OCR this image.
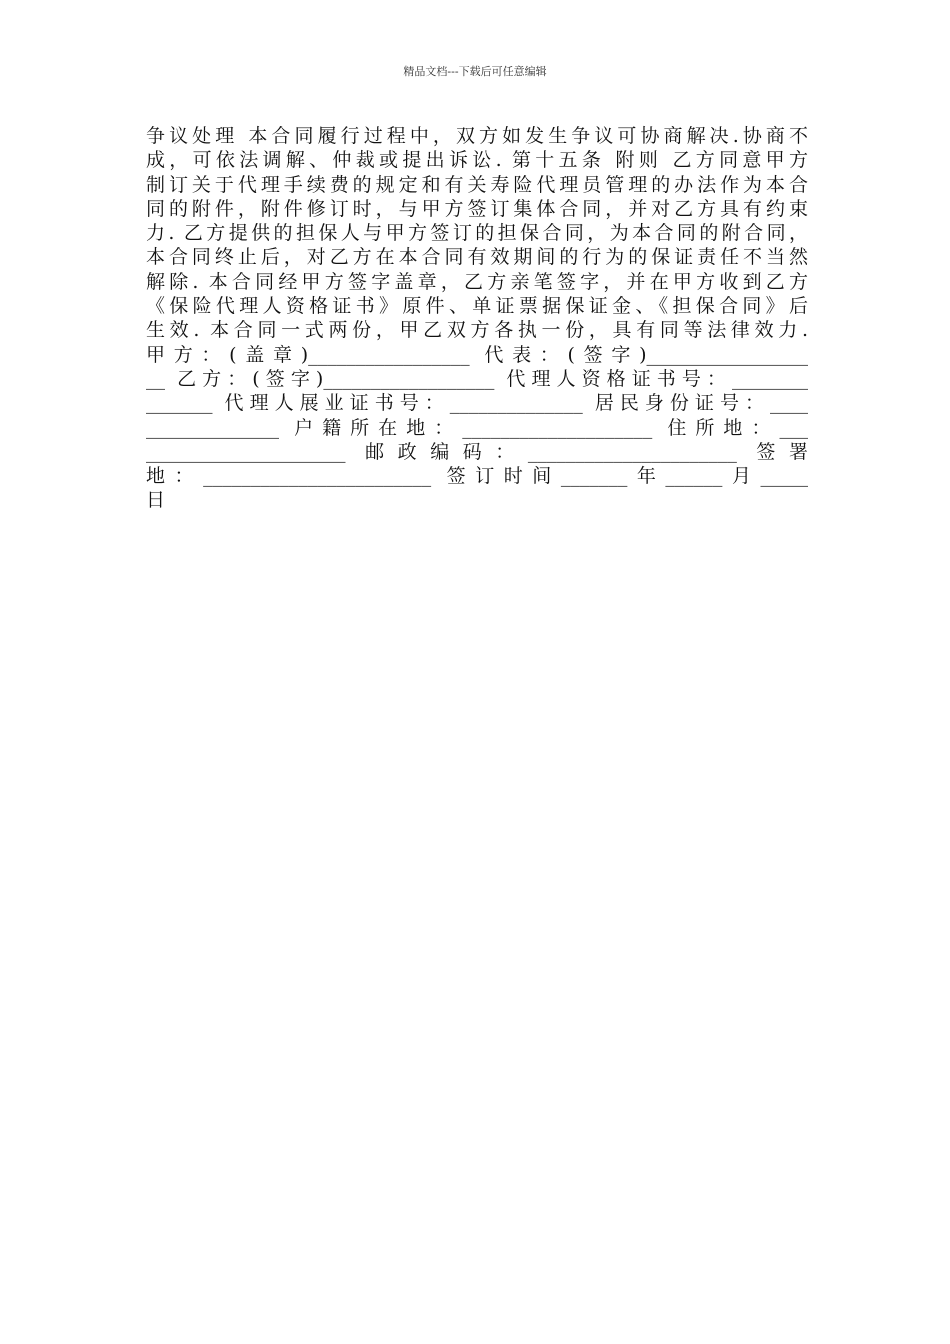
精品文档---下载后可任意编辑
争议处理 本合同履行过程中，双方如发生争议可协商解决.协商不
成，可依法调解、仲裁或提出诉讼. 第十五条 附则 乙方同意甲方
制订关于代理手续费的规定和有关寿险代理员管理的办法作为本合
同的附件，附件修订时，与甲方签订集体合同，并对乙方具有约束
力. 乙方提供的担保人与甲方签订的担保合同，为本合同的附合同，
本合同终止后，对乙方在本合同有效期间的行为的保证责任不当然
解除. 本合同经甲方签字盖章，乙方亲笔签字，并在甲方收到乙方
《保险代理人资格证书》原件、单证票据保证金、《担保合同》后
生效. 本合同一式两份，甲乙双方各执一份，具有同等法律效力.
甲方：(盖章)_________________ 代表：(签字)_________________
__ 乙方：(签字)__________________ 代理人资格证书号：________
_______ 代理人展业证书号：______________ 居民身份证号：____
______________ 户籍所在地：____________________ 住所地：___
_____________________ 邮政编码：______________________ 签署
地：________________________ 签订时间_______年______月_____
日
